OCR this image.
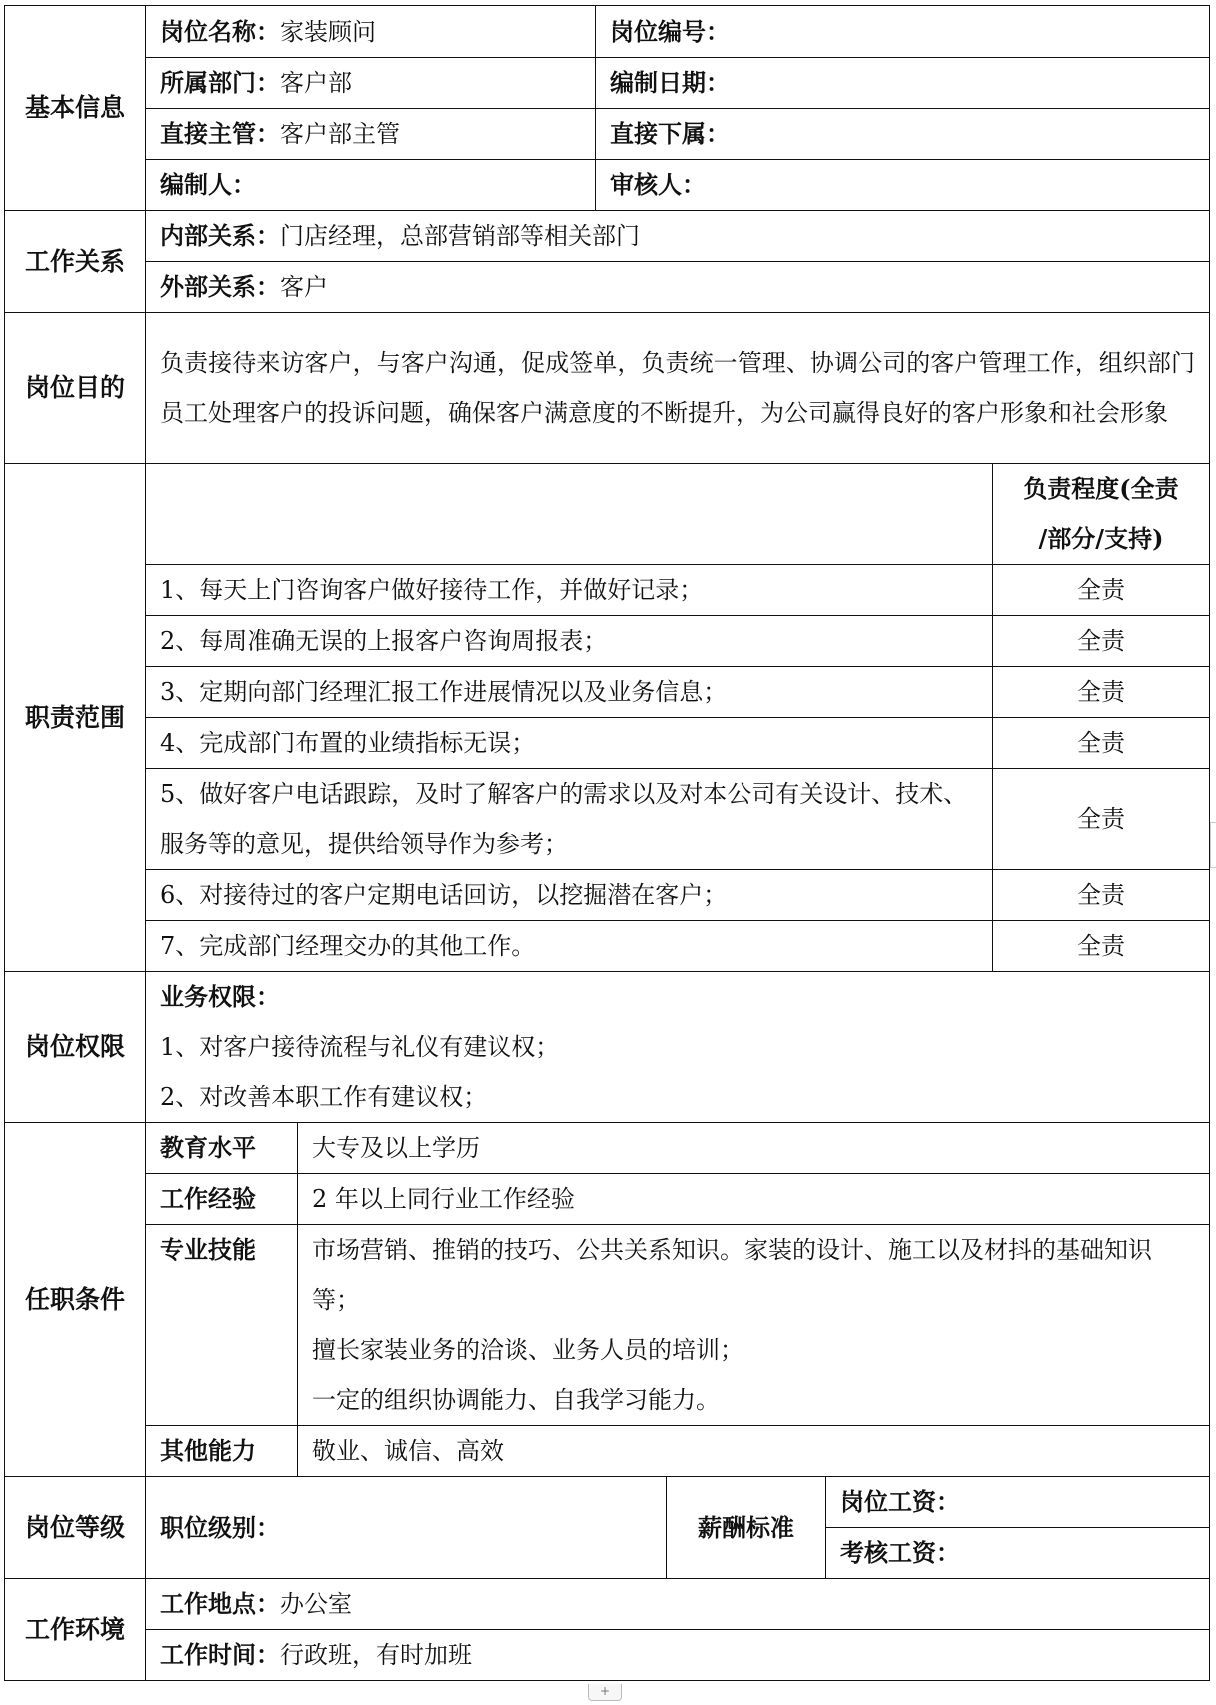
基本信息	岗位名称：家装顾问		岗位编号：			
	所属部门：客户部		编制日期：			
	直接主管：客户部主管		直接下属：			
	编制人：		审核人：			
工作关系	内部关系：门店经理，总部营销部等相关部门					
	外部关系：客户					
岗位目的	负责接待来访客户，与客户沟通，促成签单，负责统一管理、协调公司的客户管理工作，组织部门员工处理客户的投诉问题，确保客户满意度的不断提升，为公司赢得良好的客户形象和社会形象					
职责范围						负责程度(全责
/部分/支持)

	1、每天上门咨询客户做好接待工作，并做好记录；					全责
	2、每周准确无误的上报客户咨询周报表；					全责
	3、定期向部门经理汇报工作进展情况以及业务信息；					全责
	4、完成部门布置的业绩指标无误；					全责
	5、做好客户电话跟踪，及时了解客户的需求以及对本公司有关设计、技术、服务等的意见，提供给领导作为参考；					全责
	6、对接待过的客户定期电话回访，以挖掘潜在客户；					全责
	7、完成部门经理交办的其他工作。					全责
岗位权限	业务权限：
1、对客户接待流程与礼仪有建议权；
2、对改善本职工作有建议权；					

任职条件	教育水平	大专及以上学历				
	工作经验	2 年以上同行业工作经验				
	专业技能	市场营销、推销的技巧、公共关系知识。家装的设计、施工以及材抖的基础知识等；
擅长家装业务的洽谈、业务人员的培训；
一定的组织协调能力、自我学习能力。				

	其他能力	敬业、诚信、高效				
岗位等级	职位级别：			薪酬标准	岗位工资：	
					考核工资：	
工作环境	工作地点：办公室					
	工作时间：行政班，有时加班					
+
